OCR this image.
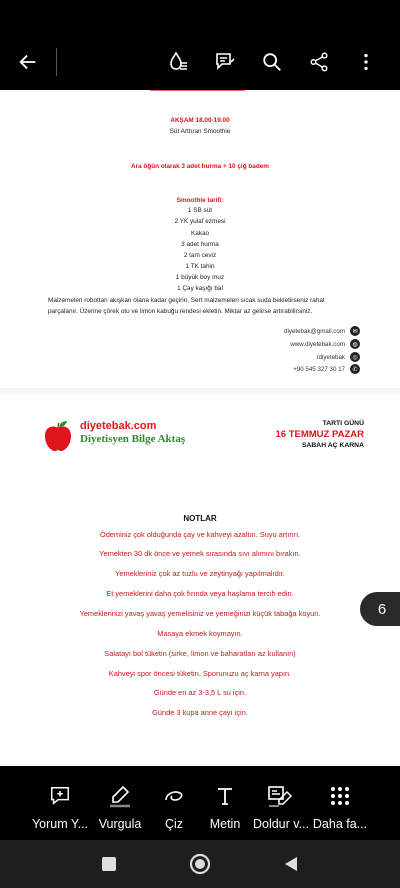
AKŞAM 18.00-19.00
Süt Arttıran Smoothie
Ara öğün olarak 3 adet hurma + 10 çiğ badem
Smoothie tarifi:
1 SB süt
2 YK yulaf ezmesi
Kakao
3 adet hurma
2 tam ceviz
1 TK tahin
1 büyük boy muz
1 Çay kaşığı bal
Malzemeleri robottan akışkan olana kadar geçirin. Sert malzemeleri sıcak suda bekletirseniz rahat parçalanır. Üzerine çörek otu ve limon kabuğu rendesi ekletin. Miktar az gelirse artırabilirsiniz.
diyetebak@gmail.com	✉
www.diyetebak.com	◍
/diyetebak	◎
+90 545 327 30 17	✆
diyetebak.com
Diyetisyen Bilge Aktaş
TARTI GÜNÜ
16 TEMMUZ PAZAR
SABAH AÇ KARNA
NOTLAR
Ödeminiz çok olduğunda çay ve kahveyi azaltın. Suyu artırın.
Yemekten 30 dk önce ve yemek sırasında sıvı alımını bırakın.
Yemekleriniz çok az tuzlu ve zeytinyağı yapılmalıdır.
Et yemeklerini daha çok fırında veya haşlama tercih edin.
Yemeklerinizi yavaş yavaş yemelisiniz ve yemeğinizi küçük tabağa koyun.
Masaya ekmek koymayın.
Salatayı bol tüketin (sirke, limon ve baharatları az kullanın)
Kahveyi spor öncesi tüketin. Sporunuzu aç karna yapın.
Günde en az 3-3,5 L su için.
Günde 3 kupa anne çayı için.
6
Yorum Y... Vurgula Çiz Metin Doldur v... Daha fa...
